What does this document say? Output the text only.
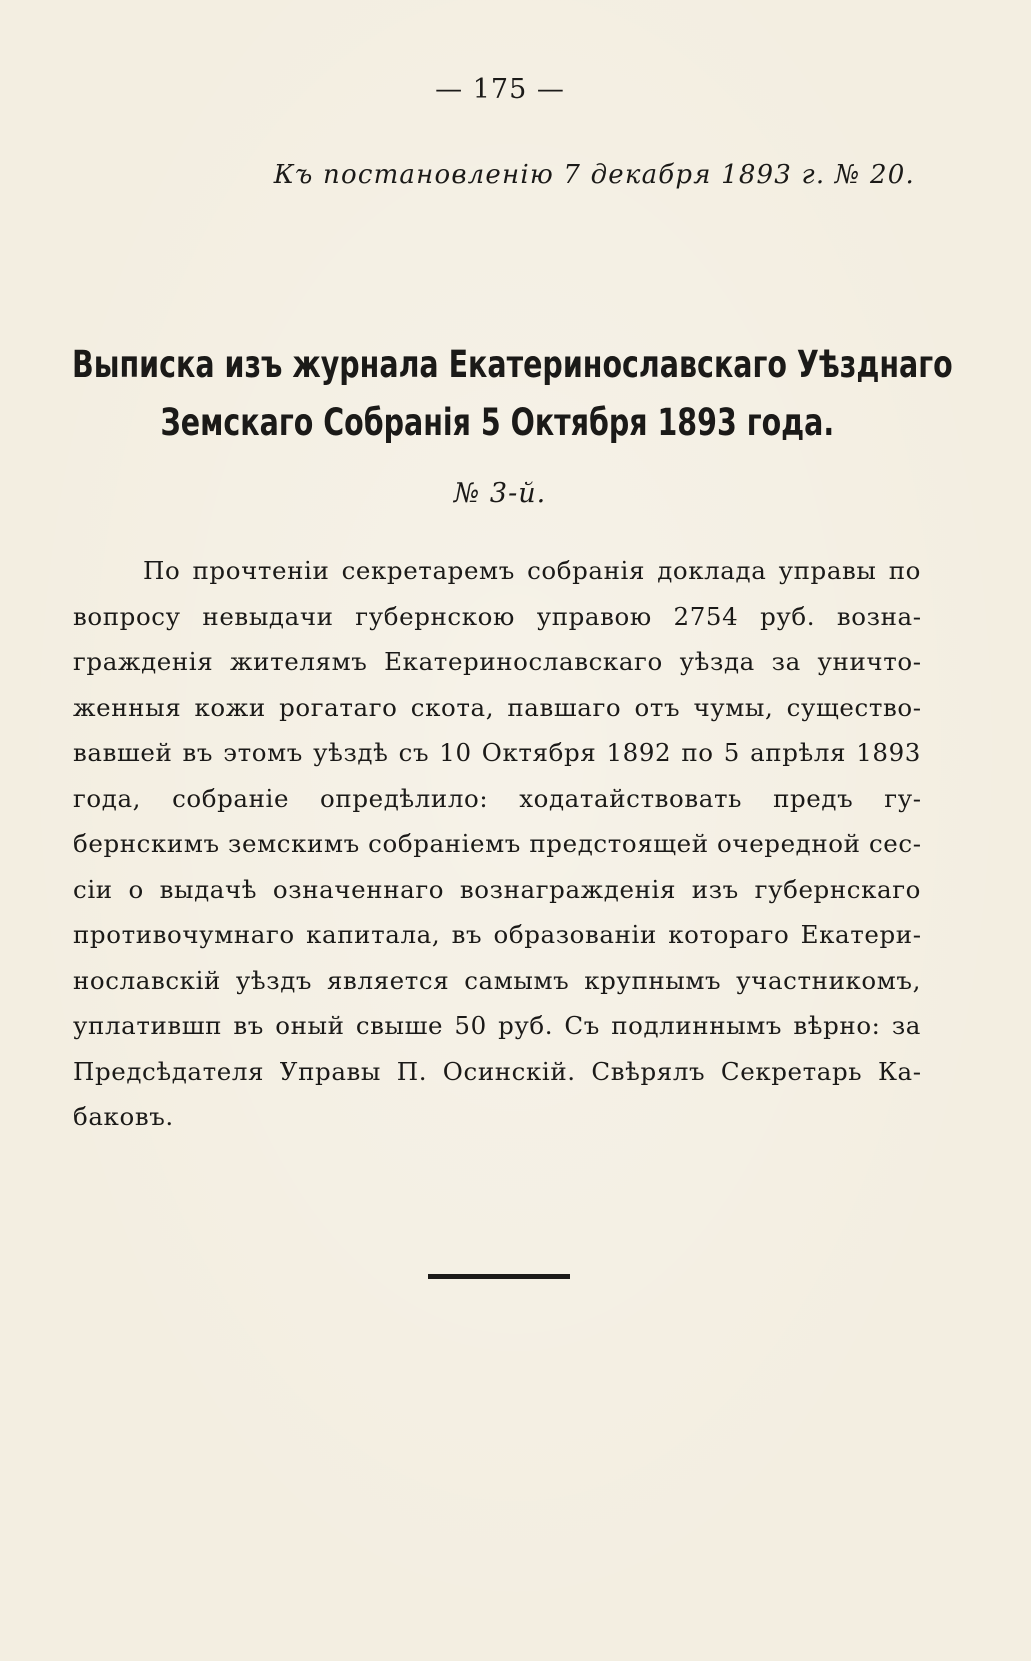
— 175 —
Къ постановленію 7 декабря 1893 г. № 20.
Выписка изъ журнала Екатеринославскаго Уѣзднаго
Земскаго Собранія 5 Октября 1893 года.
№ 3-й.
По прочтеніи секретаремъ собранія доклада управы по вопросу невыдачи губернскою управою 2754 руб. вознагражденія жителямъ Екатеринославскаго уѣзда за уничтоженныя кожи рогатаго скота, павшаго отъ чумы, существовавшей въ этомъ уѣздѣ съ 10 Октября 1892 по 5 апрѣля 1893 года, собраніе опредѣлило: ходатайствовать предъ губернскимъ земскимъ собраніемъ предстоящей очередной сессіи о выдачѣ означеннаго вознагражденія изъ губернскаго противочумнаго капитала, въ образованіи котораго Екатеринославскій уѣздъ является самымъ крупнымъ участникомъ, уплатившп въ оный свыше 50 руб. Съ подлиннымъ вѣрно: за Предсѣдателя Управы П. Осинскій. Свѣрялъ Секретарь Кабаковъ.
